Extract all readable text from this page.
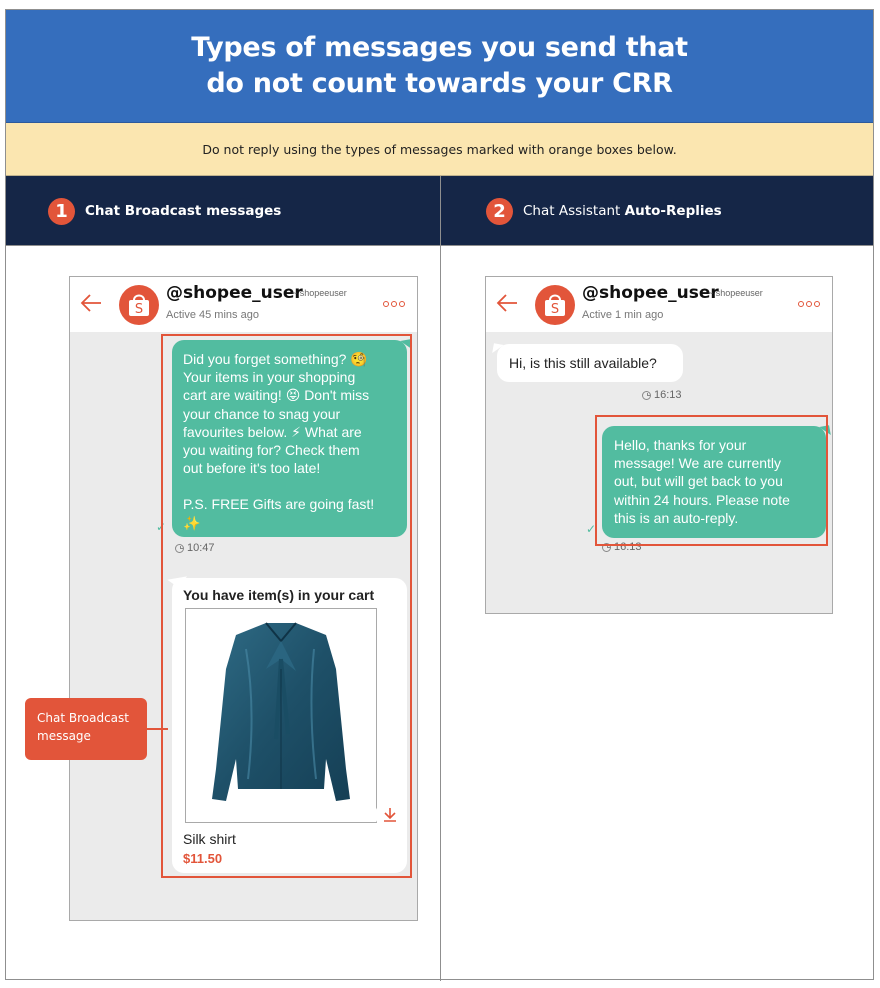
Types of messages you send that
do not count towards your CRR

Do not reply using the types of messages marked with orange boxes below.

1	Chat Broadcast messages	2	Chat Assistant Auto-Replies
S
@shopee_user
~ shopeeuser
Active 45 mins ago
Did you forget something? 🧐
Your items in your shopping
cart are waiting! 😝 Don't miss
your chance to snag your
favourites below. ⚡ What are
you waiting for? Check them
out before it's too late!
P.S. FREE Gifts are going fast!
✨
✓
10:47
You have item(s) in your cart
Silk shirt
$11.50
Chat Broadcast
message
S
@shopee_user
~ shopeeuser
Active 1 min ago
Hi, is this still available?
16:13
Hello, thanks for your
message! We are currently
out, but will get back to you
within 24 hours. Please note
this is an auto-reply.
✓
16:13
